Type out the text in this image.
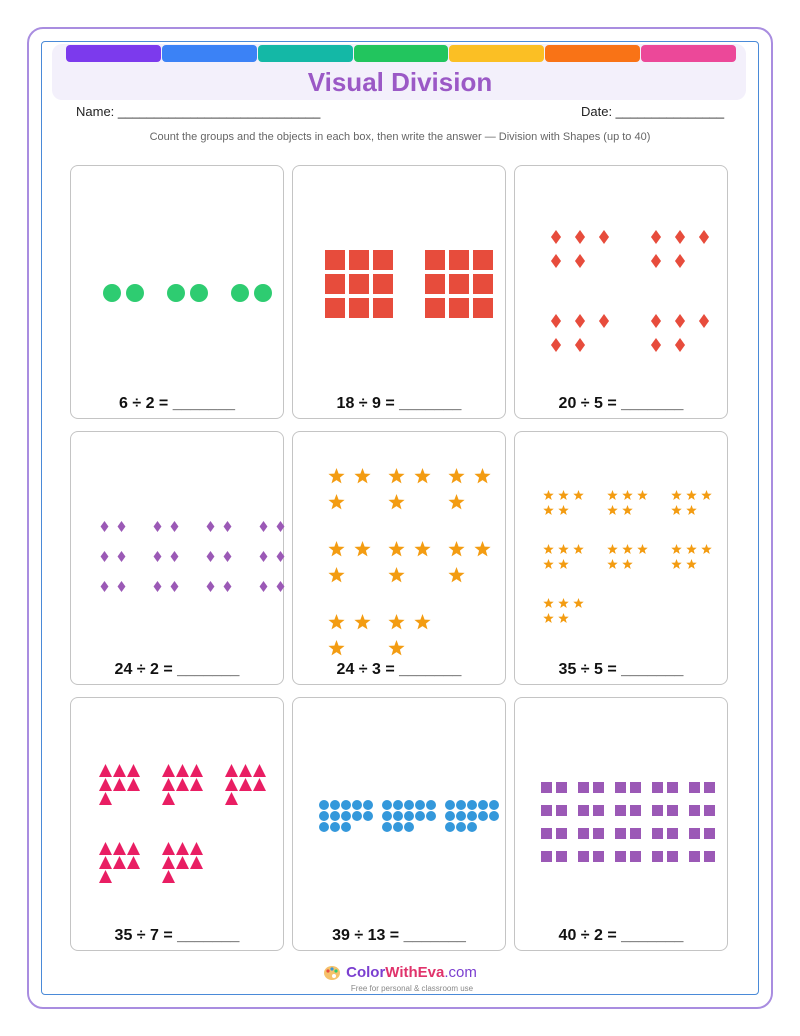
Visual Division
Name: ____________________________	Date: _______________
Count the groups and the objects in each box, then write the answer — Division with Shapes (up to 40)
6 ÷ 2 = _______	18 ÷ 9 = _______	20 ÷ 5 = _______
24 ÷ 2 = _______	24 ÷ 3 = _______	35 ÷ 5 = _______
35 ÷ 7 = _______	39 ÷ 13 = _______	40 ÷ 2 = _______
ColorWithEva.com
Free for personal & classroom use
